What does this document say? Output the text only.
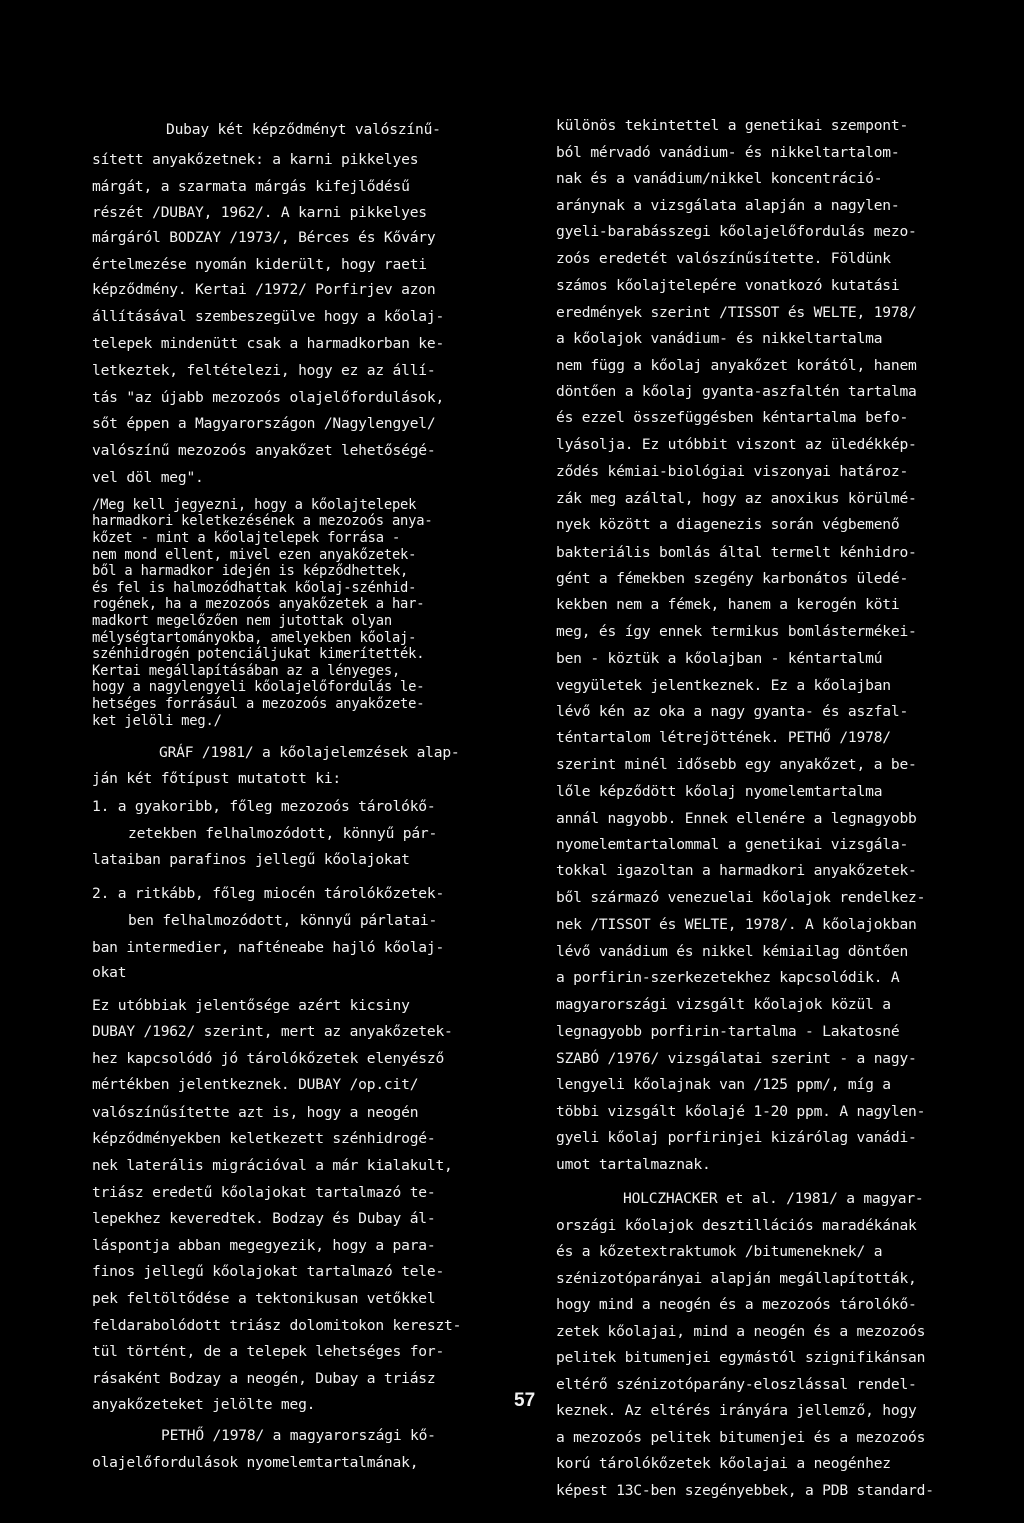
Dubay két képződményt valószínű-
sített anyakőzetnek: a karni pikkelyes
márgát, a szarmata márgás kifejlődésű
részét /DUBAY, 1962/. A karni pikkelyes
márgáról BODZAY /1973/, Bérces és Kőváry
értelmezése nyomán kiderült, hogy raeti
képződmény. Kertai /1972/ Porfirjev azon
állításával szembeszegülve hogy a kőolaj-
telepek mindenütt csak a harmadkorban ke-
letkeztek, feltételezi, hogy ez az állí-
tás "az újabb mezozoós olajelőfordulások,
sőt éppen a Magyarországon /Nagylengyel/
valószínű mezozoós anyakőzet lehetőségé-
vel döl meg".
/Meg kell jegyezni, hogy a kőolajtelepek
harmadkori keletkezésének a mezozoós anya-
kőzet - mint a kőolajtelepek forrása -
nem mond ellent, mivel ezen anyakőzetek-
ből a harmadkor idején is képződhettek,
és fel is halmozódhattak kőolaj-szénhid-
rogének, ha a mezozoós anyakőzetek a har-
madkort megelőzően nem jutottak olyan
mélységtartományokba, amelyekben kőolaj-
szénhidrogén potenciáljukat kimerítették.
Kertai megállapításában az a lényeges,
hogy a nagylengyeli kőolajelőfordulás le-
hetséges forrásául a mezozoós anyakőzete-
ket jelöli meg./
GRÁF /1981/ a kőolajelemzések alap-
ján két főtípust mutatott ki:
1. a gyakoribb, főleg mezozoós tárolókő-
zetekben felhalmozódott, könnyű pár-
lataiban parafinos jellegű kőolajokat
2. a ritkább, főleg miocén tárolókőzetek-
ben felhalmozódott, könnyű párlatai-
ban intermedier, nafténeabe hajló kőolaj-
okat
Ez utóbbiak jelentősége azért kicsiny
DUBAY /1962/ szerint, mert az anyakőzetek-
hez kapcsolódó jó tárolókőzetek elenyésző
mértékben jelentkeznek. DUBAY /op.cit/
valószínűsítette azt is, hogy a neogén
képződményekben keletkezett szénhidrogé-
nek laterális migrációval a már kialakult,
triász eredetű kőolajokat tartalmazó te-
lepekhez keveredtek. Bodzay és Dubay ál-
láspontja abban megegyezik, hogy a para-
finos jellegű kőolajokat tartalmazó tele-
pek feltöltődése a tektonikusan vetőkkel
feldarabolódott triász dolomitokon kereszt-
tül történt, de a telepek lehetséges for-
rásaként Bodzay a neogén, Dubay a triász
anyakőzeteket jelölte meg.
PETHŐ /1978/ a magyarországi kő-
olajelőfordulások nyomelemtartalmának,
különös tekintettel a genetikai szempont-
ból mérvadó vanádium- és nikkeltartalom-
nak és a vanádium/nikkel koncentráció-
aránynak a vizsgálata alapján a nagylen-
gyeli-barabásszegi kőolajelőfordulás mezo-
zoós eredetét valószínűsítette. Földünk
számos kőolajtelepére vonatkozó kutatási
eredmények szerint /TISSOT és WELTE, 1978/
a kőolajok vanádium- és nikkeltartalma
nem függ a kőolaj anyakőzet korától, hanem
döntően a kőolaj gyanta-aszfaltén tartalma
és ezzel összefüggésben kéntartalma befo-
lyásolja. Ez utóbbit viszont az üledékkép-
ződés kémiai-biológiai viszonyai határoz-
zák meg azáltal, hogy az anoxikus körülmé-
nyek között a diagenezis során végbemenő
bakteriális bomlás által termelt kénhidro-
gént a fémekben szegény karbonátos üledé-
kekben nem a fémek, hanem a kerogén köti
meg, és így ennek termikus bomlástermékei-
ben - köztük a kőolajban - kéntartalmú
vegyületek jelentkeznek. Ez a kőolajban
lévő kén az oka a nagy gyanta- és aszfal-
téntartalom létrejöttének. PETHŐ /1978/
szerint minél idősebb egy anyakőzet, a be-
lőle képződött kőolaj nyomelemtartalma
annál nagyobb. Ennek ellenére a legnagyobb
nyomelemtartalommal a genetikai vizsgála-
tokkal igazoltan a harmadkori anyakőzetek-
ből származó venezuelai kőolajok rendelkez-
nek /TISSOT és WELTE, 1978/. A kőolajokban
lévő vanádium és nikkel kémiailag döntően
a porfirin-szerkezetekhez kapcsolódik. A
magyarországi vizsgált kőolajok közül a
legnagyobb porfirin-tartalma - Lakatosné
SZABÓ /1976/ vizsgálatai szerint - a nagy-
lengyeli kőolajnak van /125 ppm/, míg a
többi vizsgált kőolajé 1-20 ppm. A nagylen-
gyeli kőolaj porfirinjei kizárólag vanádi-
umot tartalmaznak.
HOLCZHACKER et al. /1981/ a magyar-
országi kőolajok desztillációs maradékának
és a kőzetextraktumok /bitumeneknek/ a
szénizotóparányai alapján megállapították,
hogy mind a neogén és a mezozoós tárolókő-
zetek kőolajai, mind a neogén és a mezozoós
pelitek bitumenjei egymástól szignifikánsan
eltérő szénizotóparány-eloszlással rendel-
keznek. Az eltérés irányára jellemző, hogy
a mezozoós pelitek bitumenjei és a mezozoós
korú tárolókőzetek kőolajai a neogénhez
képest 13C-ben szegényebbek, a PDB standard-
57
